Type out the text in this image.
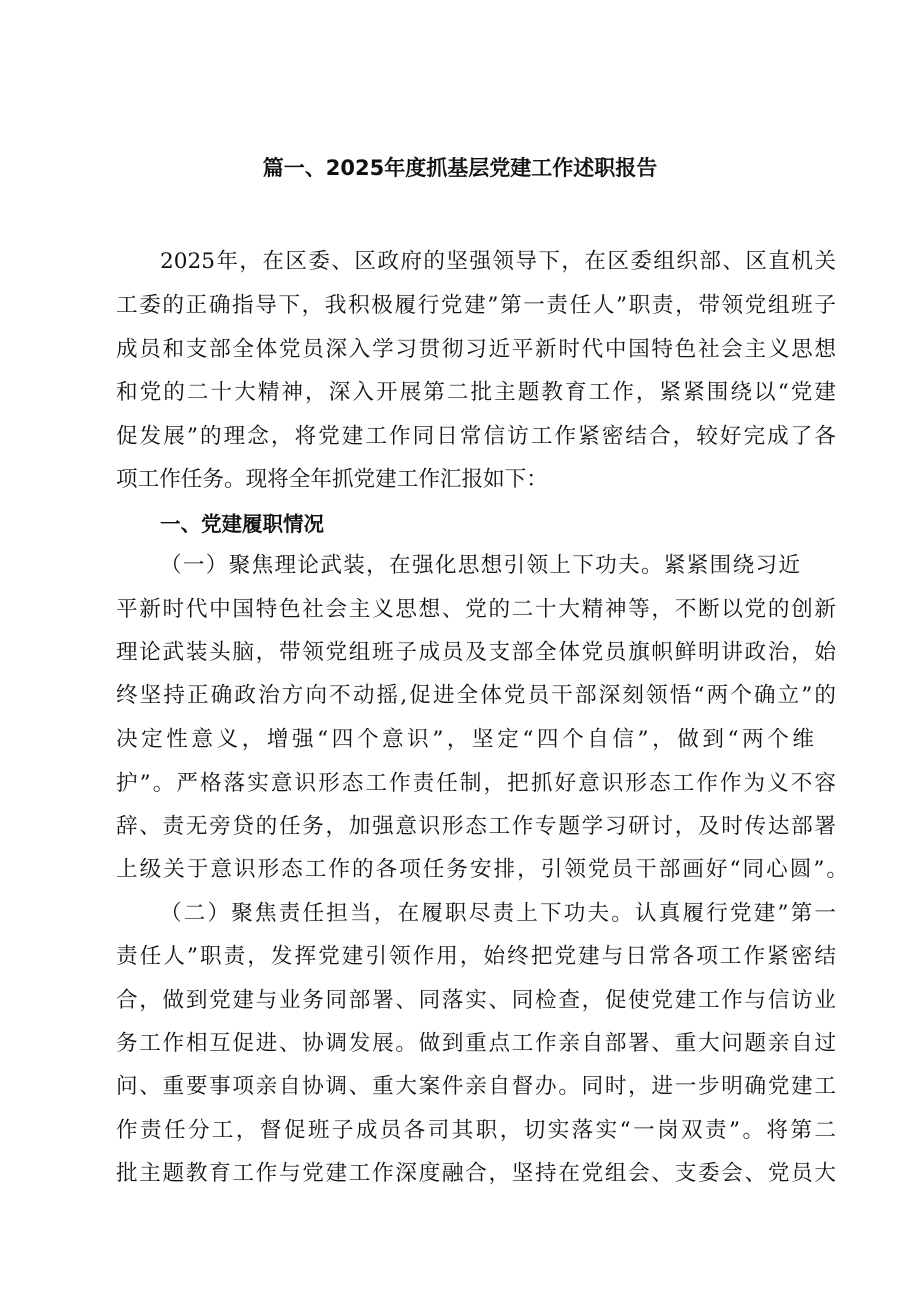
篇一、2025年度抓基层党建工作述职报告
2025年，在区委、区政府的坚强领导下，在区委组织部、区直机关
工委的正确指导下，我积极履行党建”第一责任人”职责，带领党组班子
成员和支部全体党员深入学习贯彻习近平新时代中国特色社会主义思想
和党的二十大精神，深入开展第二批主题教育工作，紧紧围绕以“党建
促发展”的理念，将党建工作同日常信访工作紧密结合，较好完成了各
项工作任务。现将全年抓党建工作汇报如下：
一、党建履职情况
（一）聚焦理论武装，在强化思想引领上下功夫。紧紧围绕习近
平新时代中国特色社会主义思想、党的二十大精神等，不断以党的创新
理论武装头脑，带领党组班子成员及支部全体党员旗帜鲜明讲政治，始
终坚持正确政治方向不动摇,促进全体党员干部深刻领悟“两个确立”的
决定性意义，增强“四个意识”，坚定“四个自信”，做到“两个维
护”。严格落实意识形态工作责任制，把抓好意识形态工作作为义不容
辞、责无旁贷的任务，加强意识形态工作专题学习研讨，及时传达部署
上级关于意识形态工作的各项任务安排，引领党员干部画好“同心圆”。
（二）聚焦责任担当，在履职尽责上下功夫。认真履行党建”第一
责任人”职责，发挥党建引领作用，始终把党建与日常各项工作紧密结
合，做到党建与业务同部署、同落实、同检查，促使党建工作与信访业
务工作相互促进、协调发展。做到重点工作亲自部署、重大问题亲自过
问、重要事项亲自协调、重大案件亲自督办。同时，进一步明确党建工
作责任分工，督促班子成员各司其职，切实落实“一岗双责”。将第二
批主题教育工作与党建工作深度融合，坚持在党组会、支委会、党员大
